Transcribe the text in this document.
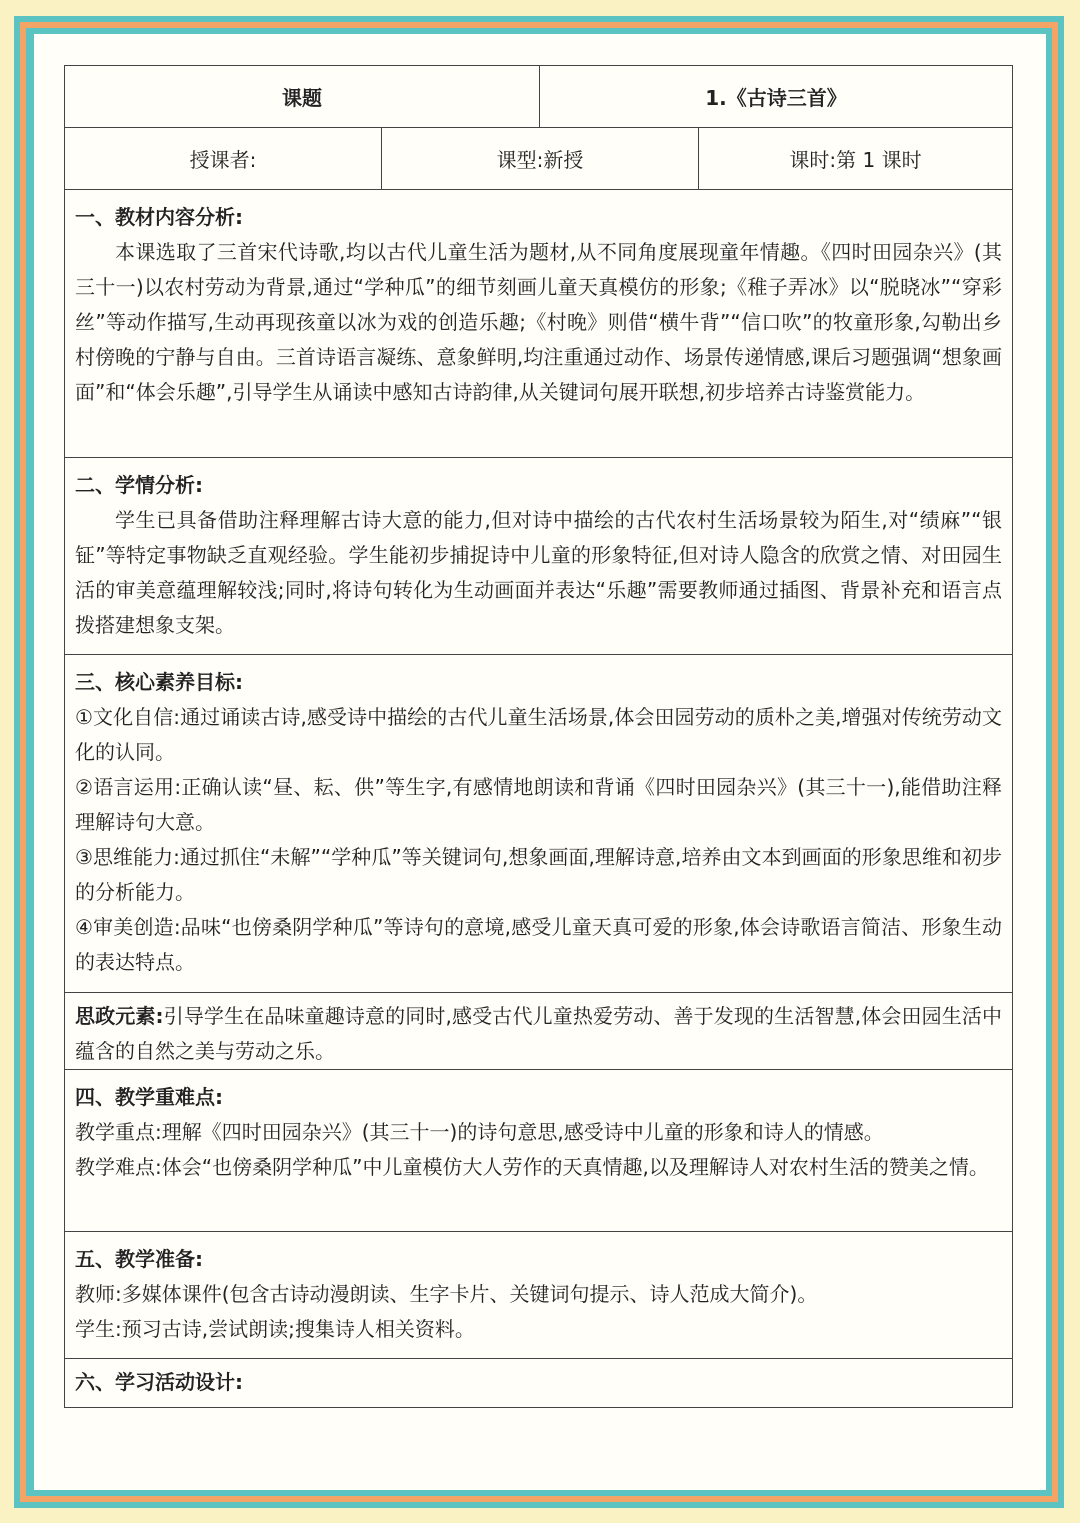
课题	1.《古诗三首》
授课者:	课型:新授	课时:第 1 课时
一、教材内容分析:
本课选取了三首宋代诗歌,均以古代儿童生活为题材,从不同角度展现童年情趣。《四时田园杂兴》(其三十一)以农村劳动为背景,通过“学种瓜”的细节刻画儿童天真模仿的形象;《稚子弄冰》以“脱晓冰”“穿彩丝”等动作描写,生动再现孩童以冰为戏的创造乐趣;《村晚》则借“横牛背”“信口吹”的牧童形象,勾勒出乡村傍晚的宁静与自由。三首诗语言凝练、意象鲜明,均注重通过动作、场景传递情感,课后习题强调“想象画面”和“体会乐趣”,引导学生从诵读中感知古诗韵律,从关键词句展开联想,初步培养古诗鉴赏能力。
二、学情分析:
学生已具备借助注释理解古诗大意的能力,但对诗中描绘的古代农村生活场景较为陌生,对“绩麻”“银钲”等特定事物缺乏直观经验。学生能初步捕捉诗中儿童的形象特征,但对诗人隐含的欣赏之情、对田园生活的审美意蕴理解较浅;同时,将诗句转化为生动画面并表达“乐趣”需要教师通过插图、背景补充和语言点拨搭建想象支架。
三、核心素养目标:
①文化自信:通过诵读古诗,感受诗中描绘的古代儿童生活场景,体会田园劳动的质朴之美,增强对传统劳动文化的认同。
②语言运用:正确认读“昼、耘、供”等生字,有感情地朗读和背诵《四时田园杂兴》(其三十一),能借助注释理解诗句大意。
③思维能力:通过抓住“未解”“学种瓜”等关键词句,想象画面,理解诗意,培养由文本到画面的形象思维和初步的分析能力。
④审美创造:品味“也傍桑阴学种瓜”等诗句的意境,感受儿童天真可爱的形象,体会诗歌语言简洁、形象生动的表达特点。
思政元素:引导学生在品味童趣诗意的同时,感受古代儿童热爱劳动、善于发现的生活智慧,体会田园生活中蕴含的自然之美与劳动之乐。
四、教学重难点:
教学重点:理解《四时田园杂兴》(其三十一)的诗句意思,感受诗中儿童的形象和诗人的情感。
教学难点:体会“也傍桑阴学种瓜”中儿童模仿大人劳作的天真情趣,以及理解诗人对农村生活的赞美之情。
五、教学准备:
教师:多媒体课件(包含古诗动漫朗读、生字卡片、关键词句提示、诗人范成大简介)。
学生:预习古诗,尝试朗读;搜集诗人相关资料。
六、学习活动设计:
